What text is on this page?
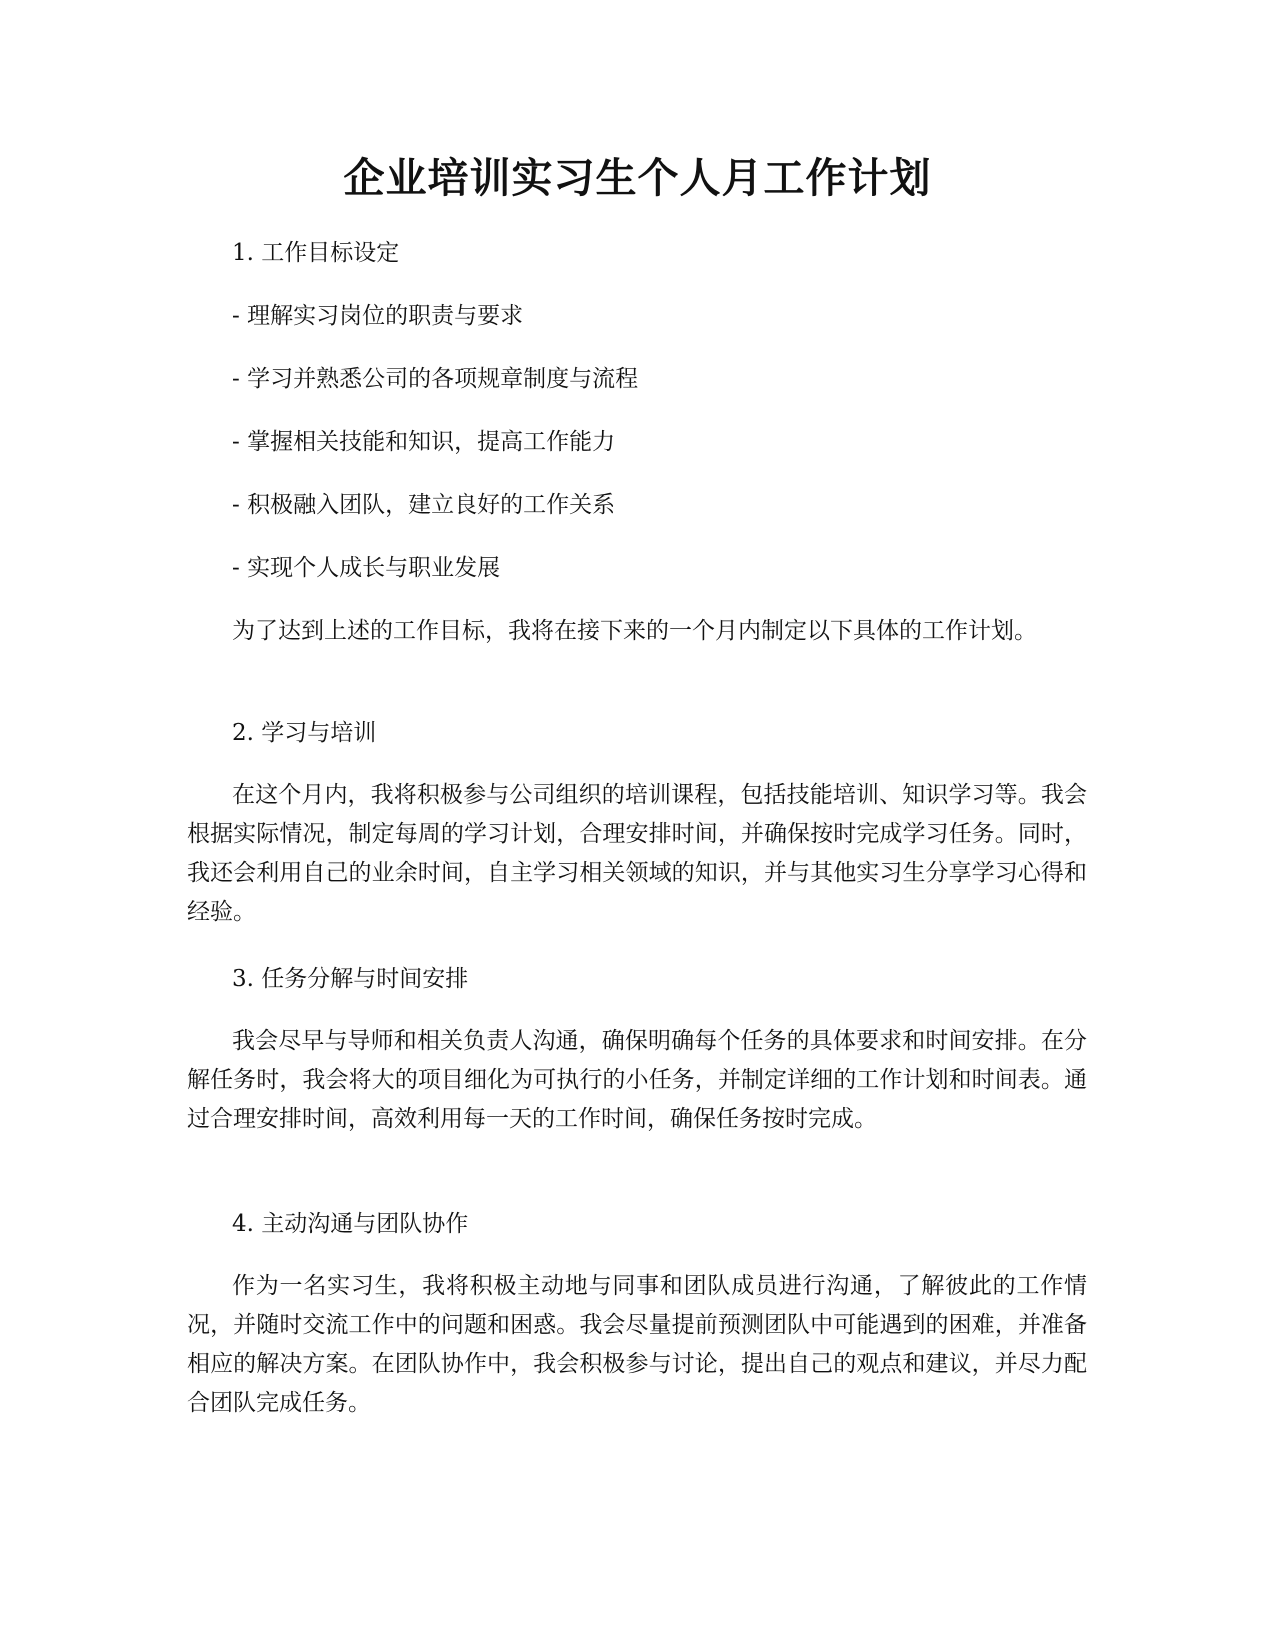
企业培训实习生个人月工作计划

1. 工作目标设定

- 理解实习岗位的职责与要求

- 学习并熟悉公司的各项规章制度与流程

- 掌握相关技能和知识，提高工作能力

- 积极融入团队，建立良好的工作关系

- 实现个人成长与职业发展

为了达到上述的工作目标，我将在接下来的一个月内制定以下具体的工作计划。

2. 学习与培训

在这个月内，我将积极参与公司组织的培训课程，包括技能培训、知识学习等。我会根据实际情况，制定每周的学习计划，合理安排时间，并确保按时完成学习任务。同时，我还会利用自己的业余时间，自主学习相关领域的知识，并与其他实习生分享学习心得和经验。

3. 任务分解与时间安排

我会尽早与导师和相关负责人沟通，确保明确每个任务的具体要求和时间安排。在分解任务时，我会将大的项目细化为可执行的小任务，并制定详细的工作计划和时间表。通过合理安排时间，高效利用每一天的工作时间，确保任务按时完成。

4. 主动沟通与团队协作

作为一名实习生，我将积极主动地与同事和团队成员进行沟通，了解彼此的工作情况，并随时交流工作中的问题和困惑。我会尽量提前预测团队中可能遇到的困难，并准备相应的解决方案。在团队协作中，我会积极参与讨论，提出自己的观点和建议，并尽力配合团队完成任务。
